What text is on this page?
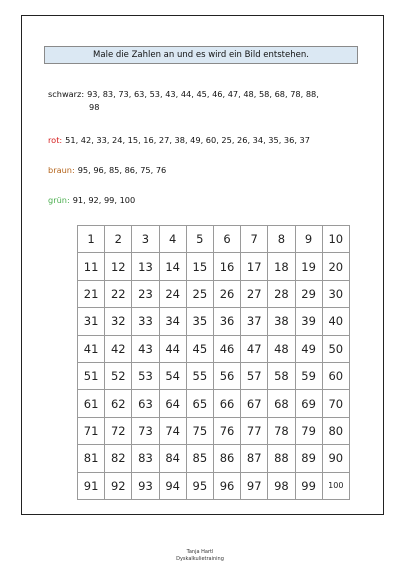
Male die Zahlen an und es wird ein Bild entstehen.
schwarz: 93, 83, 73, 63, 53, 43, 44, 45, 46, 47, 48, 58, 68, 78, 88,
98
rot: 51, 42, 33, 24, 15, 16, 27, 38, 49, 60, 25, 26, 34, 35, 36, 37
braun: 95, 96, 85, 86, 75, 76
grün: 91, 92, 99, 100
1	2	3	4	5	6	7	8	9	10
11	12	13	14	15	16	17	18	19	20
21	22	23	24	25	26	27	28	29	30
31	32	33	34	35	36	37	38	39	40
41	42	43	44	45	46	47	48	49	50
51	52	53	54	55	56	57	58	59	60
61	62	63	64	65	66	67	68	69	70
71	72	73	74	75	76	77	78	79	80
81	82	83	84	85	86	87	88	89	90
91	92	93	94	95	96	97	98	99	100
Tanja Hartl
Dyskalkulietraining
